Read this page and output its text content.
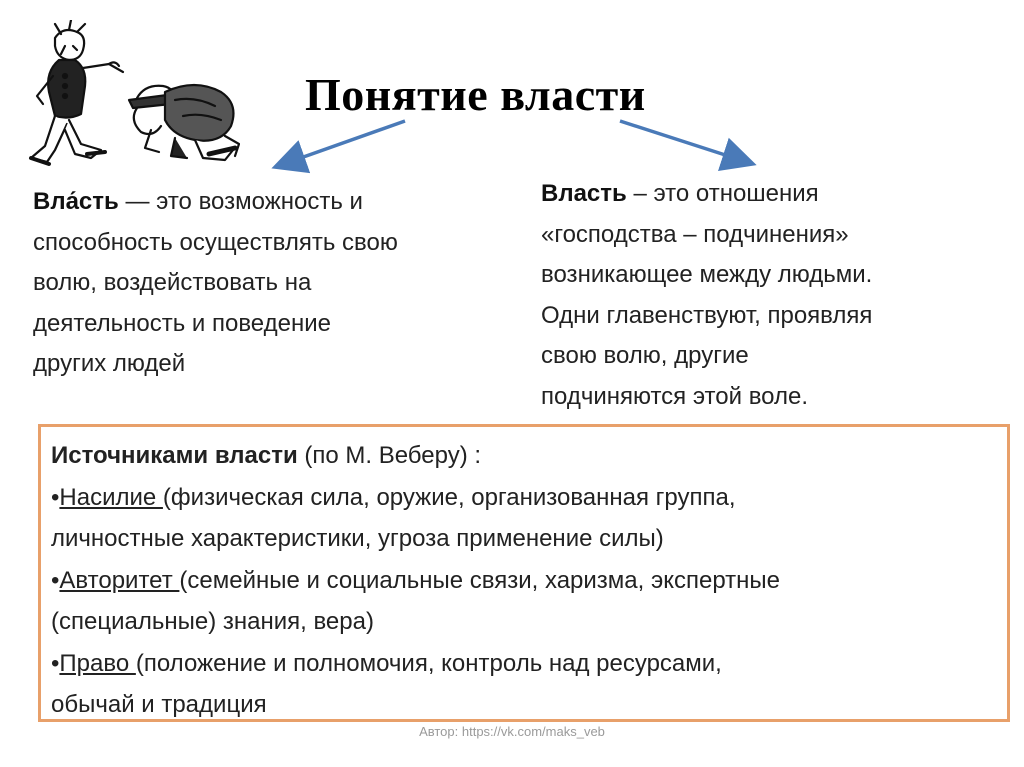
Понятие власти
Вла́сть — это возможность и
способность осуществлять свою
волю, воздействовать на
деятельность и поведение
других людей
Власть – это отношения
«господства – подчинения»
возникающее между людьми.
Одни главенствуют, проявляя
свою волю, другие
подчиняются этой воле.
Источниками власти (по М. Веберу) :
•Насилие (физическая сила, оружие, организованная группа,
личностные характеристики, угроза применение силы)
•Авторитет (семейные и социальные связи, харизма, экспертные
(специальные) знания, вера)
•Право (положение и полномочия, контроль над ресурсами,
обычай и традиция
Автор: https://vk.com/maks_veb
